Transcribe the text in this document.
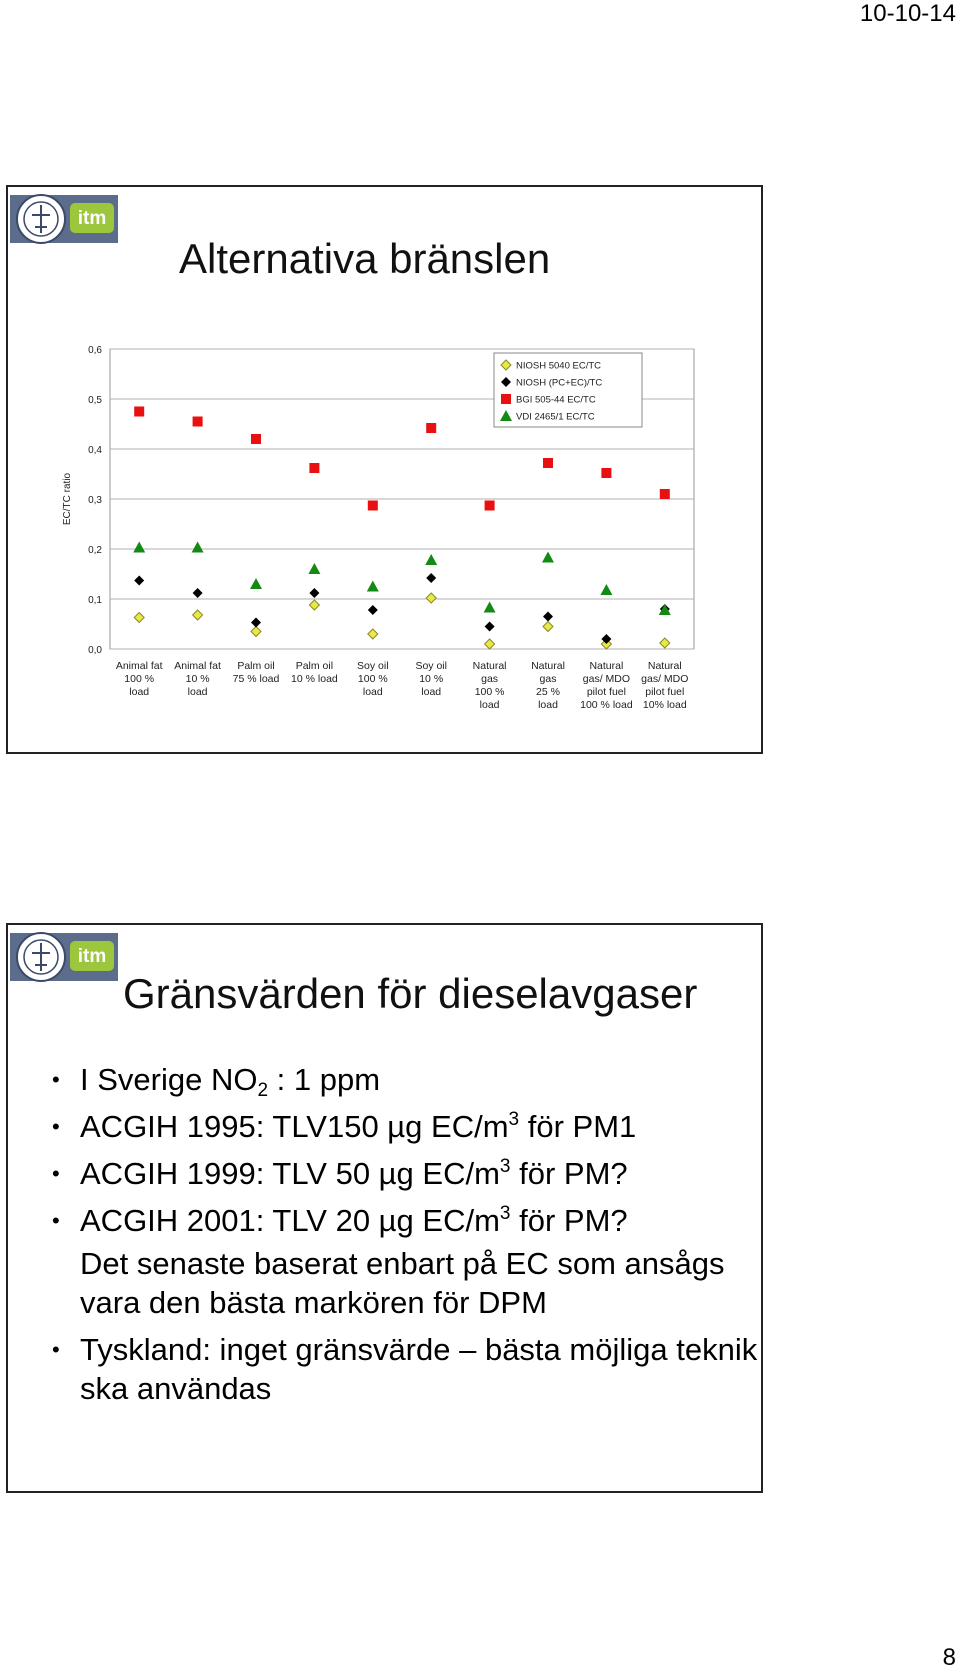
10-10-14
itm
Alternativa bränslen
0,0
0,1
0,2
0,3
0,4
0,5
0,6
EC/TC ratio
Animal fat 100 % load
Animal fat 10 % load
Palm oil 75 % load
Palm oil 10 % load
Soy oil 100 % load
Soy oil 10 % load
Natural gas 100 % load
Natural gas 25 % load
Natural gas/ MDO pilot fuel 100 % load
Natural gas/ MDO pilot fuel 10% load
NIOSH 5040 EC/TC
NIOSH (PC+EC)/TC
BGI 505-44 EC/TC
VDI 2465/1 EC/TC
itm
Gränsvärden för dieselavgaser
• I Sverige $NO_2$ : 1 ppm
• ACGIH 1995: TLV150 µg $EC/m^3$ för PM1
• ACGIH 1999: TLV 50 µg $EC/m^3$ för PM?
• ACGIH 2001: TLV 20 µg $EC/m^3$ för PM?
Det senaste baserat enbart på EC som ansågs vara den bästa markören för DPM
• Tyskland: inget gränsvärde – bästa möjliga teknik ska användas
8
